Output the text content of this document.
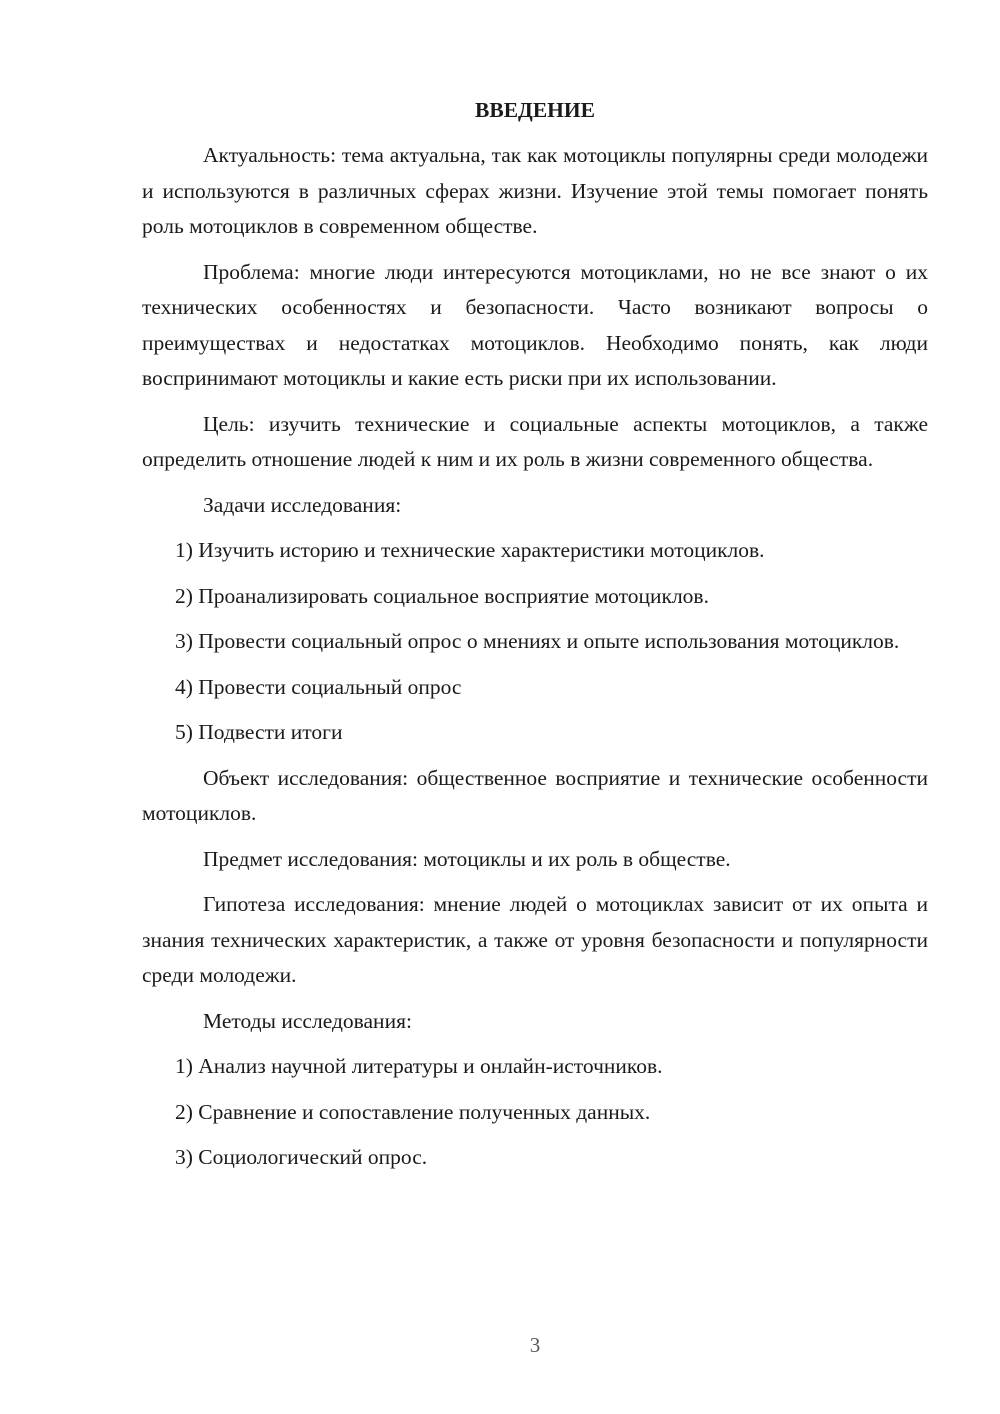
ВВЕДЕНИЕ

Актуальность: тема актуальна, так как мотоциклы популярны среди молодежи и используются в различных сферах жизни. Изучение этой темы помогает понять роль мотоциклов в современном обществе.

Проблема: многие люди интересуются мотоциклами, но не все знают о их технических особенностях и безопасности. Часто возникают вопросы о преимуществах и недостатках мотоциклов. Необходимо понять, как люди воспринимают мотоциклы и какие есть риски при их использовании.

Цель: изучить технические и социальные аспекты мотоциклов, а также определить отношение людей к ним и их роль в жизни современного общества.

Задачи исследования:

1) Изучить историю и технические характеристики мотоциклов.

2) Проанализировать социальное восприятие мотоциклов.

3) Провести социальный опрос о мнениях и опыте использования мотоциклов.

4) Провести социальный опрос

5) Подвести итоги

Объект исследования: общественное восприятие и технические особенности мотоциклов.

Предмет исследования: мотоциклы и их роль в обществе.

Гипотеза исследования: мнение людей о мотоциклах зависит от их опыта и знания технических характеристик, а также от уровня безопасности и популярности среди молодежи.

Методы исследования:

1) Анализ научной литературы и онлайн-источников.

2) Сравнение и сопоставление полученных данных.

3) Социологический опрос.

3
